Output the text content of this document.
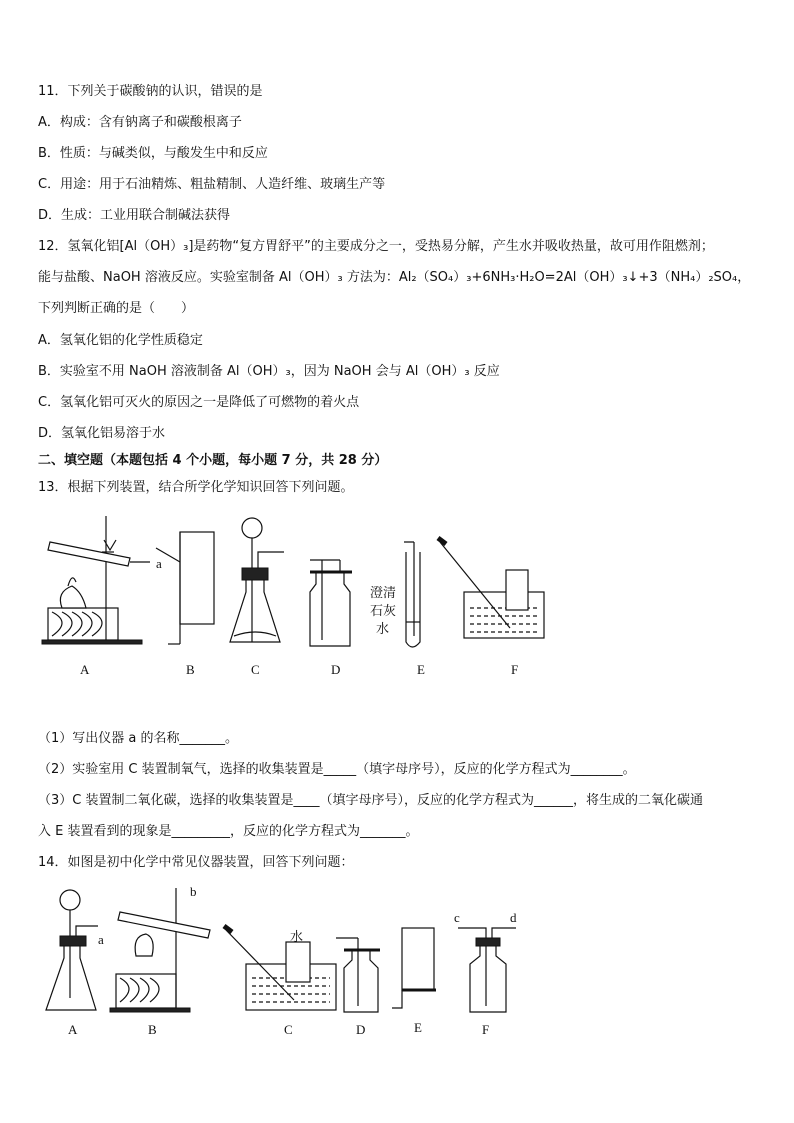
11．下列关于碳酸钠的认识，错误的是
A．构成：含有钠离子和碳酸根离子
B．性质：与碱类似，与酸发生中和反应
C．用途：用于石油精炼、粗盐精制、人造纤维、玻璃生产等
D．生成：工业用联合制碱法获得
12．氢氧化铝[Al（OH）₃]是药物“复方胃舒平”的主要成分之一，受热易分解，产生水并吸收热量，故可用作阻燃剂；
能与盐酸、NaOH 溶液反应。实验室制备 Al（OH）₃ 方法为：Al₂（SO₄）₃+6NH₃·H₂O=2Al（OH）₃↓+3（NH₄）₂SO₄，
下列判断正确的是（　　）
A．氢氧化铝的化学性质稳定
B．实验室不用 NaOH 溶液制备 Al（OH）₃，因为 NaOH 会与 Al（OH）₃ 反应
C．氢氧化铝可灭火的原因之一是降低了可燃物的着火点
D．氢氧化铝易溶于水
二、填空题（本题包括 4 个小题，每小题 7 分，共 28 分）
13．根据下列装置，结合所学化学知识回答下列问题。
a
澄清
石灰
水
A	B	C	D	E	F
（1）写出仪器 a 的名称_______。
（2）实验室用 C 装置制氧气，选择的收集装置是_____（填字母序号），反应的化学方程式为________。
（3）C 装置制二氧化碳，选择的收集装置是____（填字母序号），反应的化学方程式为______，将生成的二氧化碳通
入 E 装置看到的现象是_________，反应的化学方程式为_______。
14．如图是初中化学中常见仪器装置，回答下列问题：
a
b
c	d
水
A	B	C	D	E	F
